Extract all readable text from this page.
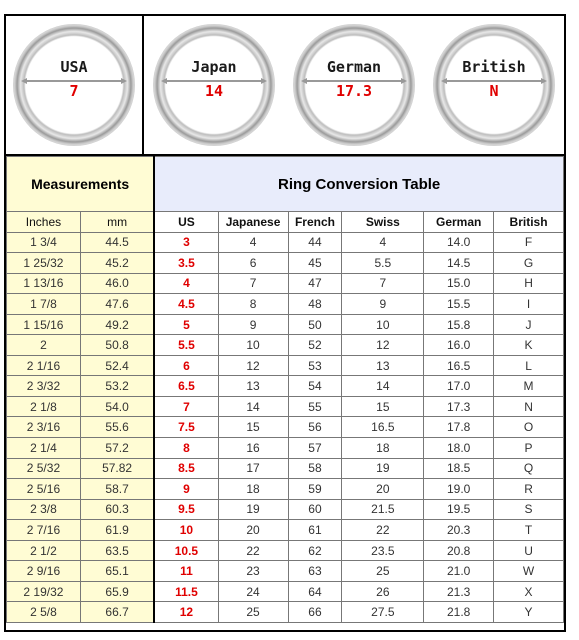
USA
7
Japan
14
German
17.3
British
N
Measurements		Ring Conversion Table					
Inches	mm	US	Japanese	French	Swiss	German	British
1 3/4	44.5	3	4	44	4	14.0	F
1 25/32	45.2	3.5	6	45	5.5	14.5	G
1 13/16	46.0	4	7	47	7	15.0	H
1 7/8	47.6	4.5	8	48	9	15.5	I
1 15/16	49.2	5	9	50	10	15.8	J
2	50.8	5.5	10	52	12	16.0	K
2 1/16	52.4	6	12	53	13	16.5	L
2 3/32	53.2	6.5	13	54	14	17.0	M
2 1/8	54.0	7	14	55	15	17.3	N
2 3/16	55.6	7.5	15	56	16.5	17.8	O
2 1/4	57.2	8	16	57	18	18.0	P
2 5/32	57.82	8.5	17	58	19	18.5	Q
2 5/16	58.7	9	18	59	20	19.0	R
2 3/8	60.3	9.5	19	60	21.5	19.5	S
2 7/16	61.9	10	20	61	22	20.3	T
2 1/2	63.5	10.5	22	62	23.5	20.8	U
2 9/16	65.1	11	23	63	25	21.0	W
2 19/32	65.9	11.5	24	64	26	21.3	X
2 5/8	66.7	12	25	66	27.5	21.8	Y
